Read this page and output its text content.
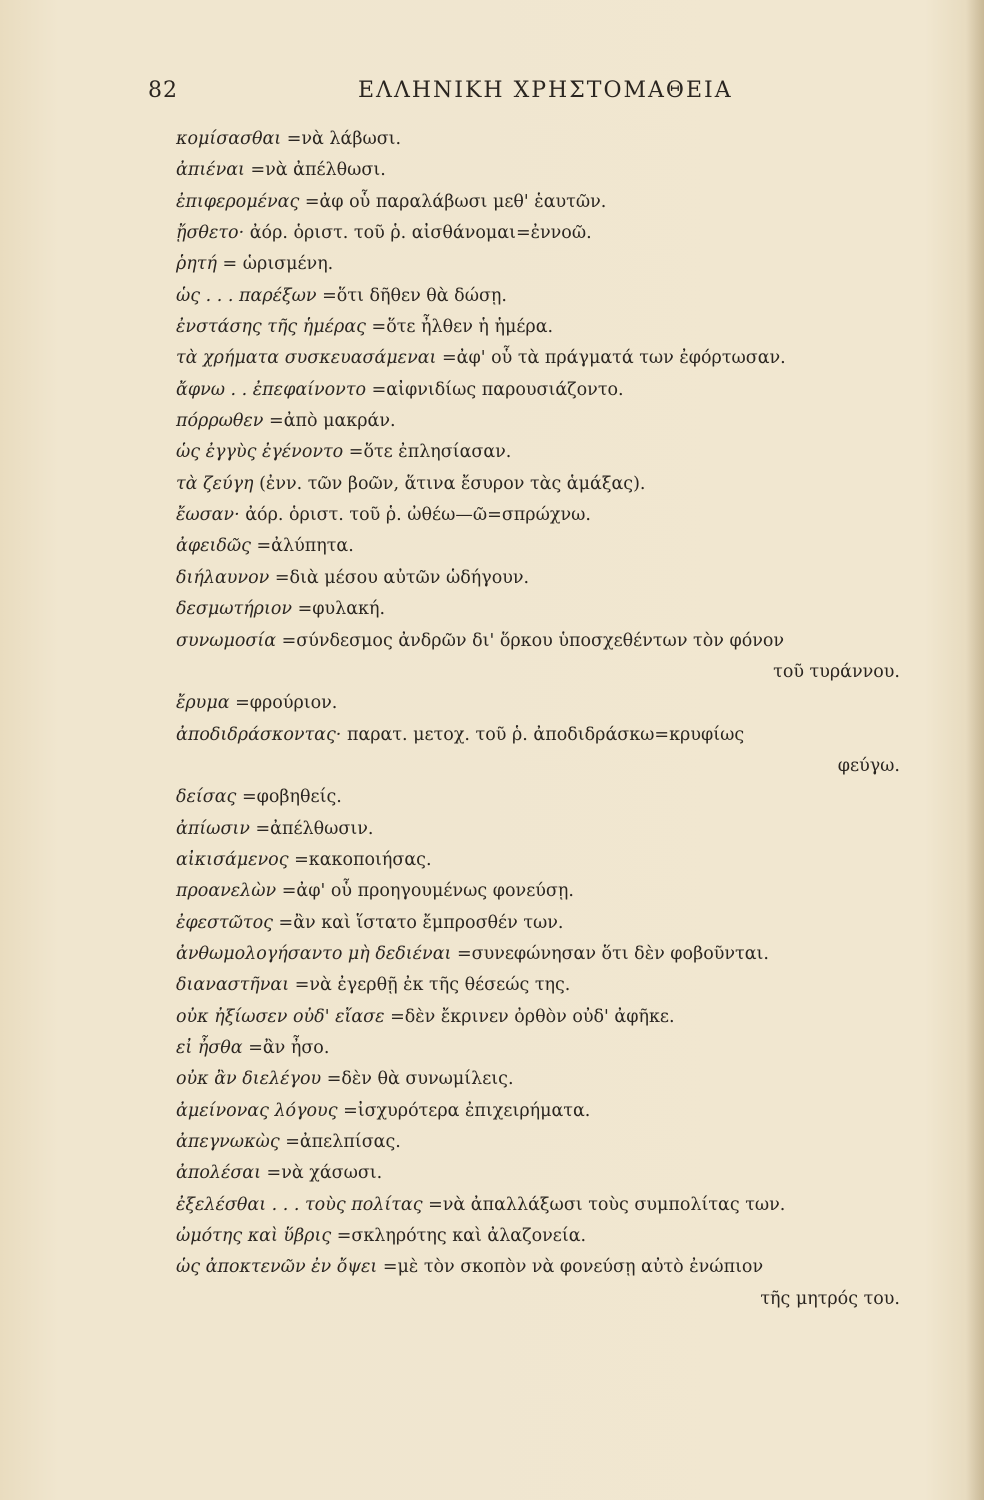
82	ΕΛΛΗΝΙΚΗ ΧΡΗΣΤΟΜΑΘΕΙΑ
κομίσασθαι =νὰ λάβωσι.
ἀπιέναι =νὰ ἀπέλθωσι.
ἐπιφερομένας =ἀφ οὗ παραλάβωσι μεθ' ἑαυτῶν.
ᾔσθετο· ἀόρ. ὁριστ. τοῦ ῥ. αἰσθάνομαι=ἐννοῶ.
ῥητή = ὡρισμένη.
ὡς . . . παρέξων =ὅτι δῆθεν θὰ δώσῃ.
ἐνστάσης τῆς ἡμέρας =ὅτε ἦλθεν ἡ ἡμέρα.
τὰ χρήματα συσκευασάμεναι =ἀφ' οὗ τὰ πράγματά των ἐφόρτωσαν.
ἄφνω . . ἐπεφαίνοντο =αἰφνιδίως παρουσιάζοντο.
πόρρωθεν =ἀπὸ μακράν.
ὡς ἐγγὺς ἐγένοντο =ὅτε ἐπλησίασαν.
τὰ ζεύγη (ἐνν. τῶν βοῶν, ἅτινα ἔσυρον τὰς ἁμάξας).
ἔωσαν· ἀόρ. ὁριστ. τοῦ ῥ. ὠθέω—ῶ=σπρώχνω.
ἀφειδῶς =ἀλύπητα.
διήλαυνον =διὰ μέσου αὐτῶν ὡδήγουν.
δεσμωτήριον =φυλακή.
συνωμοσία =σύνδεσμος ἀνδρῶν δι' ὅρκου ὑποσχεθέντων τὸν φόνον
τοῦ τυράννου.
ἔρυμα =φρούριον.
ἀποδιδράσκοντας· παρατ. μετοχ. τοῦ ῥ. ἀποδιδράσκω=κρυφίως
φεύγω.
δείσας =φοβηθείς.
ἀπίωσιν =ἀπέλθωσιν.
αἰκισάμενος =κακοποιήσας.
προανελὼν =ἀφ' οὗ προηγουμένως φονεύσῃ.
ἐφεστῶτος =ἂν καὶ ἵστατο ἔμπροσθέν των.
ἀνθωμολογήσαντο μὴ δεδιέναι =συνεφώνησαν ὅτι δὲν φοβοῦνται.
διαναστῆναι =νὰ ἐγερθῇ ἐκ τῆς θέσεώς της.
οὐκ ἠξίωσεν οὐδ' εἴασε =δὲν ἔκρινεν ὀρθὸν οὐδ' ἀφῆκε.
εἰ ἦσθα =ἂν ἦσο.
οὐκ ἂν διελέγου =δὲν θὰ συνωμίλεις.
ἀμείνονας λόγους =ἰσχυρότερα ἐπιχειρήματα.
ἀπεγνωκὼς =ἀπελπίσας.
ἀπολέσαι =νὰ χάσωσι.
ἐξελέσθαι . . . τοὺς πολίτας =νὰ ἀπαλλάξωσι τοὺς συμπολίτας των.
ὠμότης καὶ ὕβρις =σκληρότης καὶ ἀλαζονεία.
ὡς ἀποκτενῶν ἐν ὄψει =μὲ τὸν σκοπὸν νὰ φονεύσῃ αὐτὸ ἐνώπιον
τῆς μητρός του.
